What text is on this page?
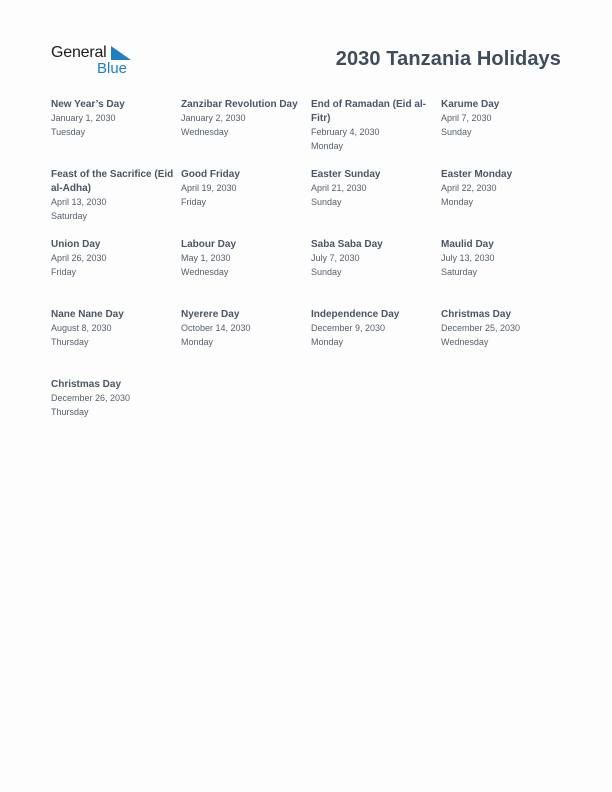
General
Blue	2030 Tanzania Holidays
New Year’s Day
January 1, 2030
Tuesday
Zanzibar Revolution Day
January 2, 2030
Wednesday
End of Ramadan (Eid al-Fitr)
February 4, 2030
Monday
Karume Day
April 7, 2030
Sunday
Feast of the Sacrifice (Eid al-Adha)
April 13, 2030
Saturday
Good Friday
April 19, 2030
Friday
Easter Sunday
April 21, 2030
Sunday
Easter Monday
April 22, 2030
Monday
Union Day
April 26, 2030
Friday
Labour Day
May 1, 2030
Wednesday
Saba Saba Day
July 7, 2030
Sunday
Maulid Day
July 13, 2030
Saturday
Nane Nane Day
August 8, 2030
Thursday
Nyerere Day
October 14, 2030
Monday
Independence Day
December 9, 2030
Monday
Christmas Day
December 25, 2030
Wednesday
Christmas Day
December 26, 2030
Thursday
